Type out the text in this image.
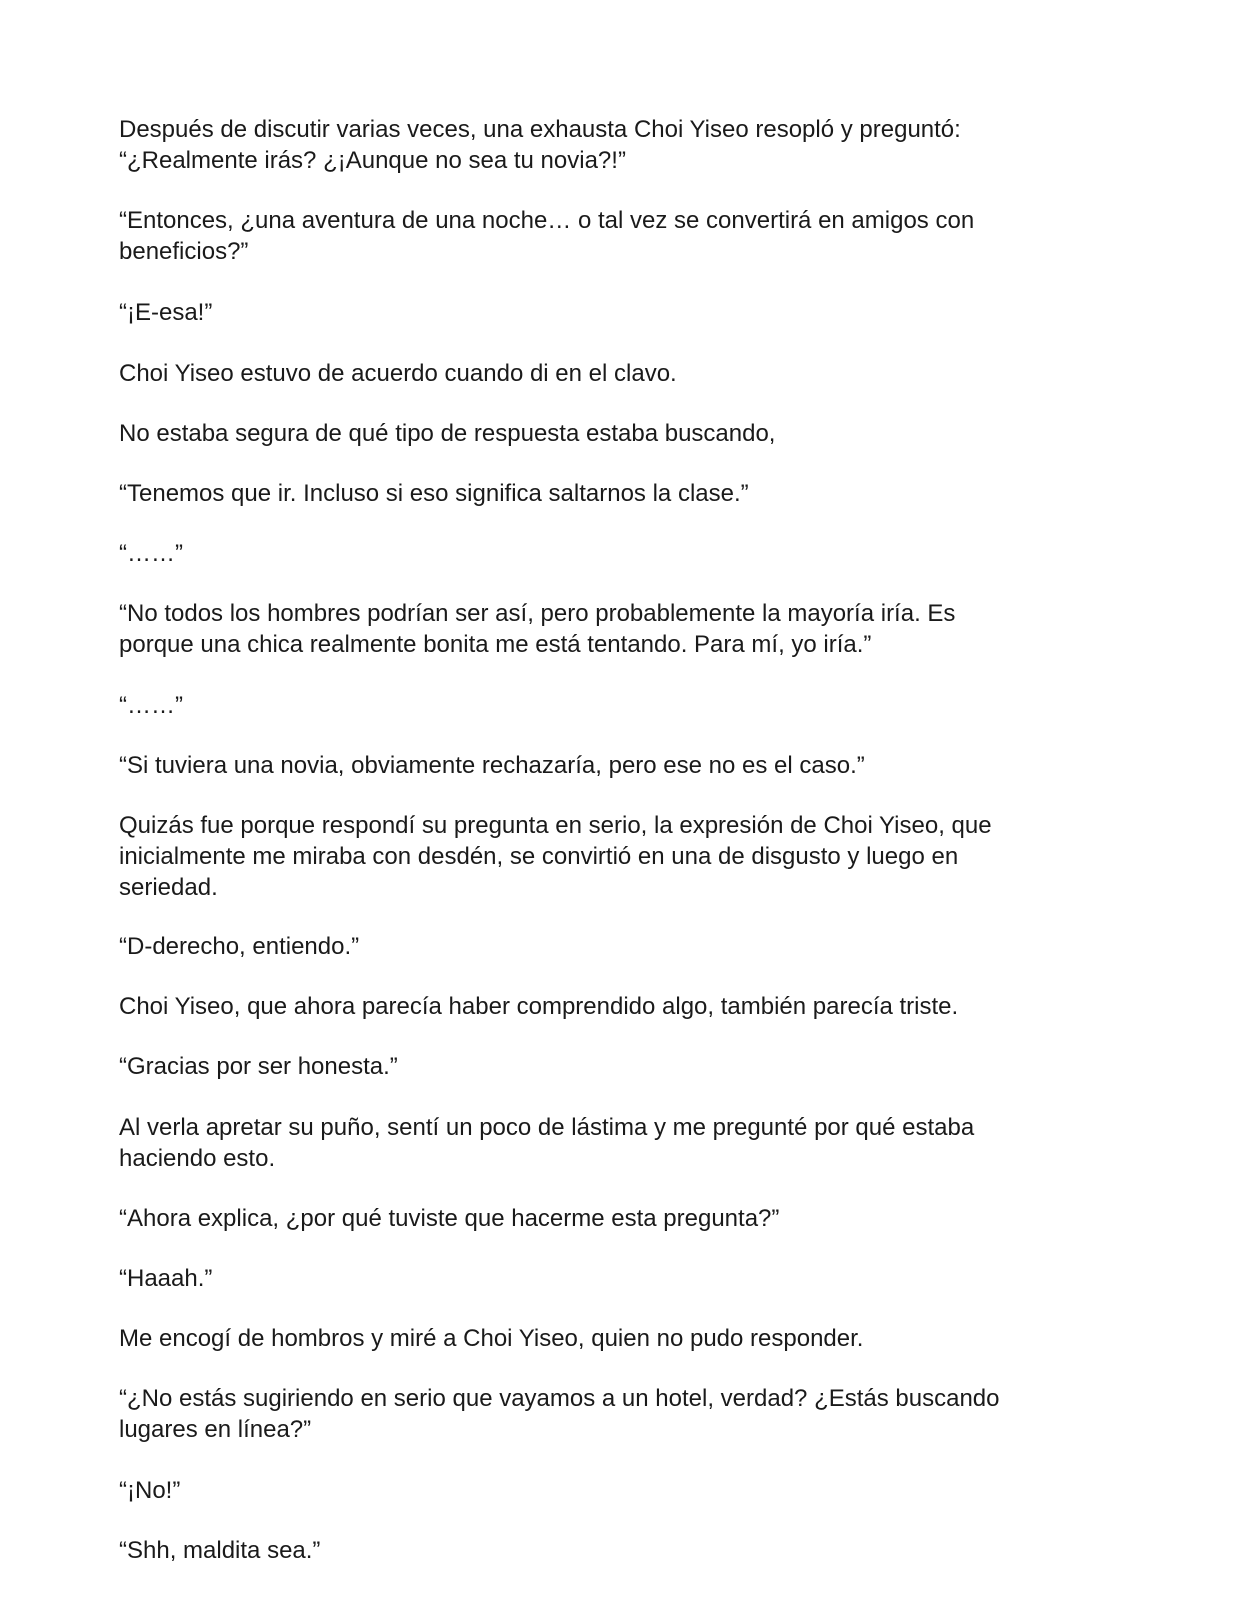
Después de discutir varias veces, una exhausta Choi Yiseo resopló y preguntó:
“¿Realmente irás? ¿¡Aunque no sea tu novia?!”

“Entonces, ¿una aventura de una noche… o tal vez se convertirá en amigos con
beneficios?”

“¡E-esa!”

Choi Yiseo estuvo de acuerdo cuando di en el clavo.

No estaba segura de qué tipo de respuesta estaba buscando,

“Tenemos que ir. Incluso si eso significa saltarnos la clase.”

“……”

“No todos los hombres podrían ser así, pero probablemente la mayoría iría. Es
porque una chica realmente bonita me está tentando. Para mí, yo iría.”

“……”

“Si tuviera una novia, obviamente rechazaría, pero ese no es el caso.”

Quizás fue porque respondí su pregunta en serio, la expresión de Choi Yiseo, que
inicialmente me miraba con desdén, se convirtió en una de disgusto y luego en
seriedad.

“D-derecho, entiendo.”

Choi Yiseo, que ahora parecía haber comprendido algo, también parecía triste.

“Gracias por ser honesta.”

Al verla apretar su puño, sentí un poco de lástima y me pregunté por qué estaba
haciendo esto.

“Ahora explica, ¿por qué tuviste que hacerme esta pregunta?”

“Haaah.”

Me encogí de hombros y miré a Choi Yiseo, quien no pudo responder.

“¿No estás sugiriendo en serio que vayamos a un hotel, verdad? ¿Estás buscando
lugares en línea?”

“¡No!”

“Shh, maldita sea.”
